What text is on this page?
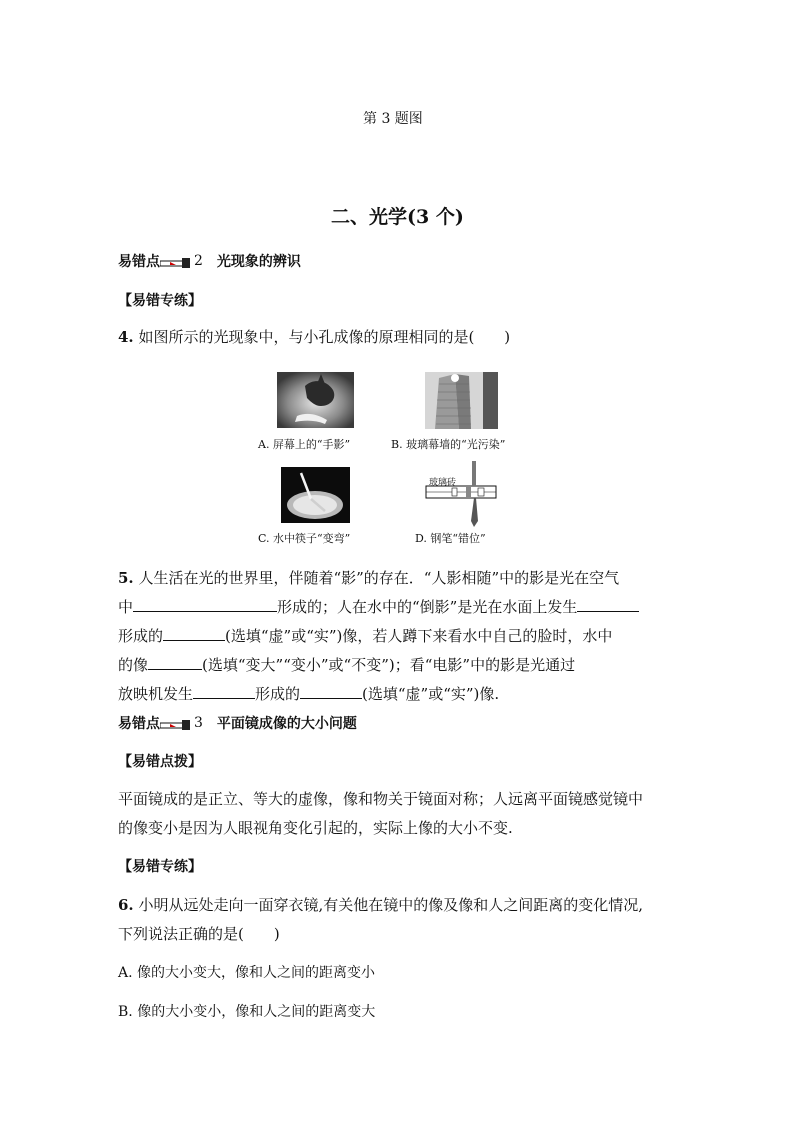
第 3 题图
二、光学(3 个)
易错点 2 光现象的辨识
【易错专练】
4. 如图所示的光现象中，与小孔成像的原理相同的是(　　)
A. 屏幕上的“手影”	B. 玻璃幕墙的“光污染”
玻璃砖
C. 水中筷子“变弯”	D. 钢笔“错位”
5. 人生活在光的世界里，伴随着“影”的存在．“人影相随”中的影是光在空气
中	形成的；人在水中的“倒影”是光在水面上发生
形成的	(选填“虚”或“实”)像，若人蹲下来看水中自己的脸时，水中
的像	(选填“变大”“变小”或“不变”)；看“电影”中的影是光通过
放映机发生	形成的	(选填“虚”或“实”)像.
易错点 3 平面镜成像的大小问题
【易错点拨】
平面镜成的是正立、等大的虚像，像和物关于镜面对称；人远离平面镜感觉镜中
的像变小是因为人眼视角变化引起的，实际上像的大小不变.
【易错专练】
6. 小明从远处走向一面穿衣镜,有关他在镜中的像及像和人之间距离的变化情况,
下列说法正确的是(　　)
A. 像的大小变大，像和人之间的距离变小
B. 像的大小变小，像和人之间的距离变大
